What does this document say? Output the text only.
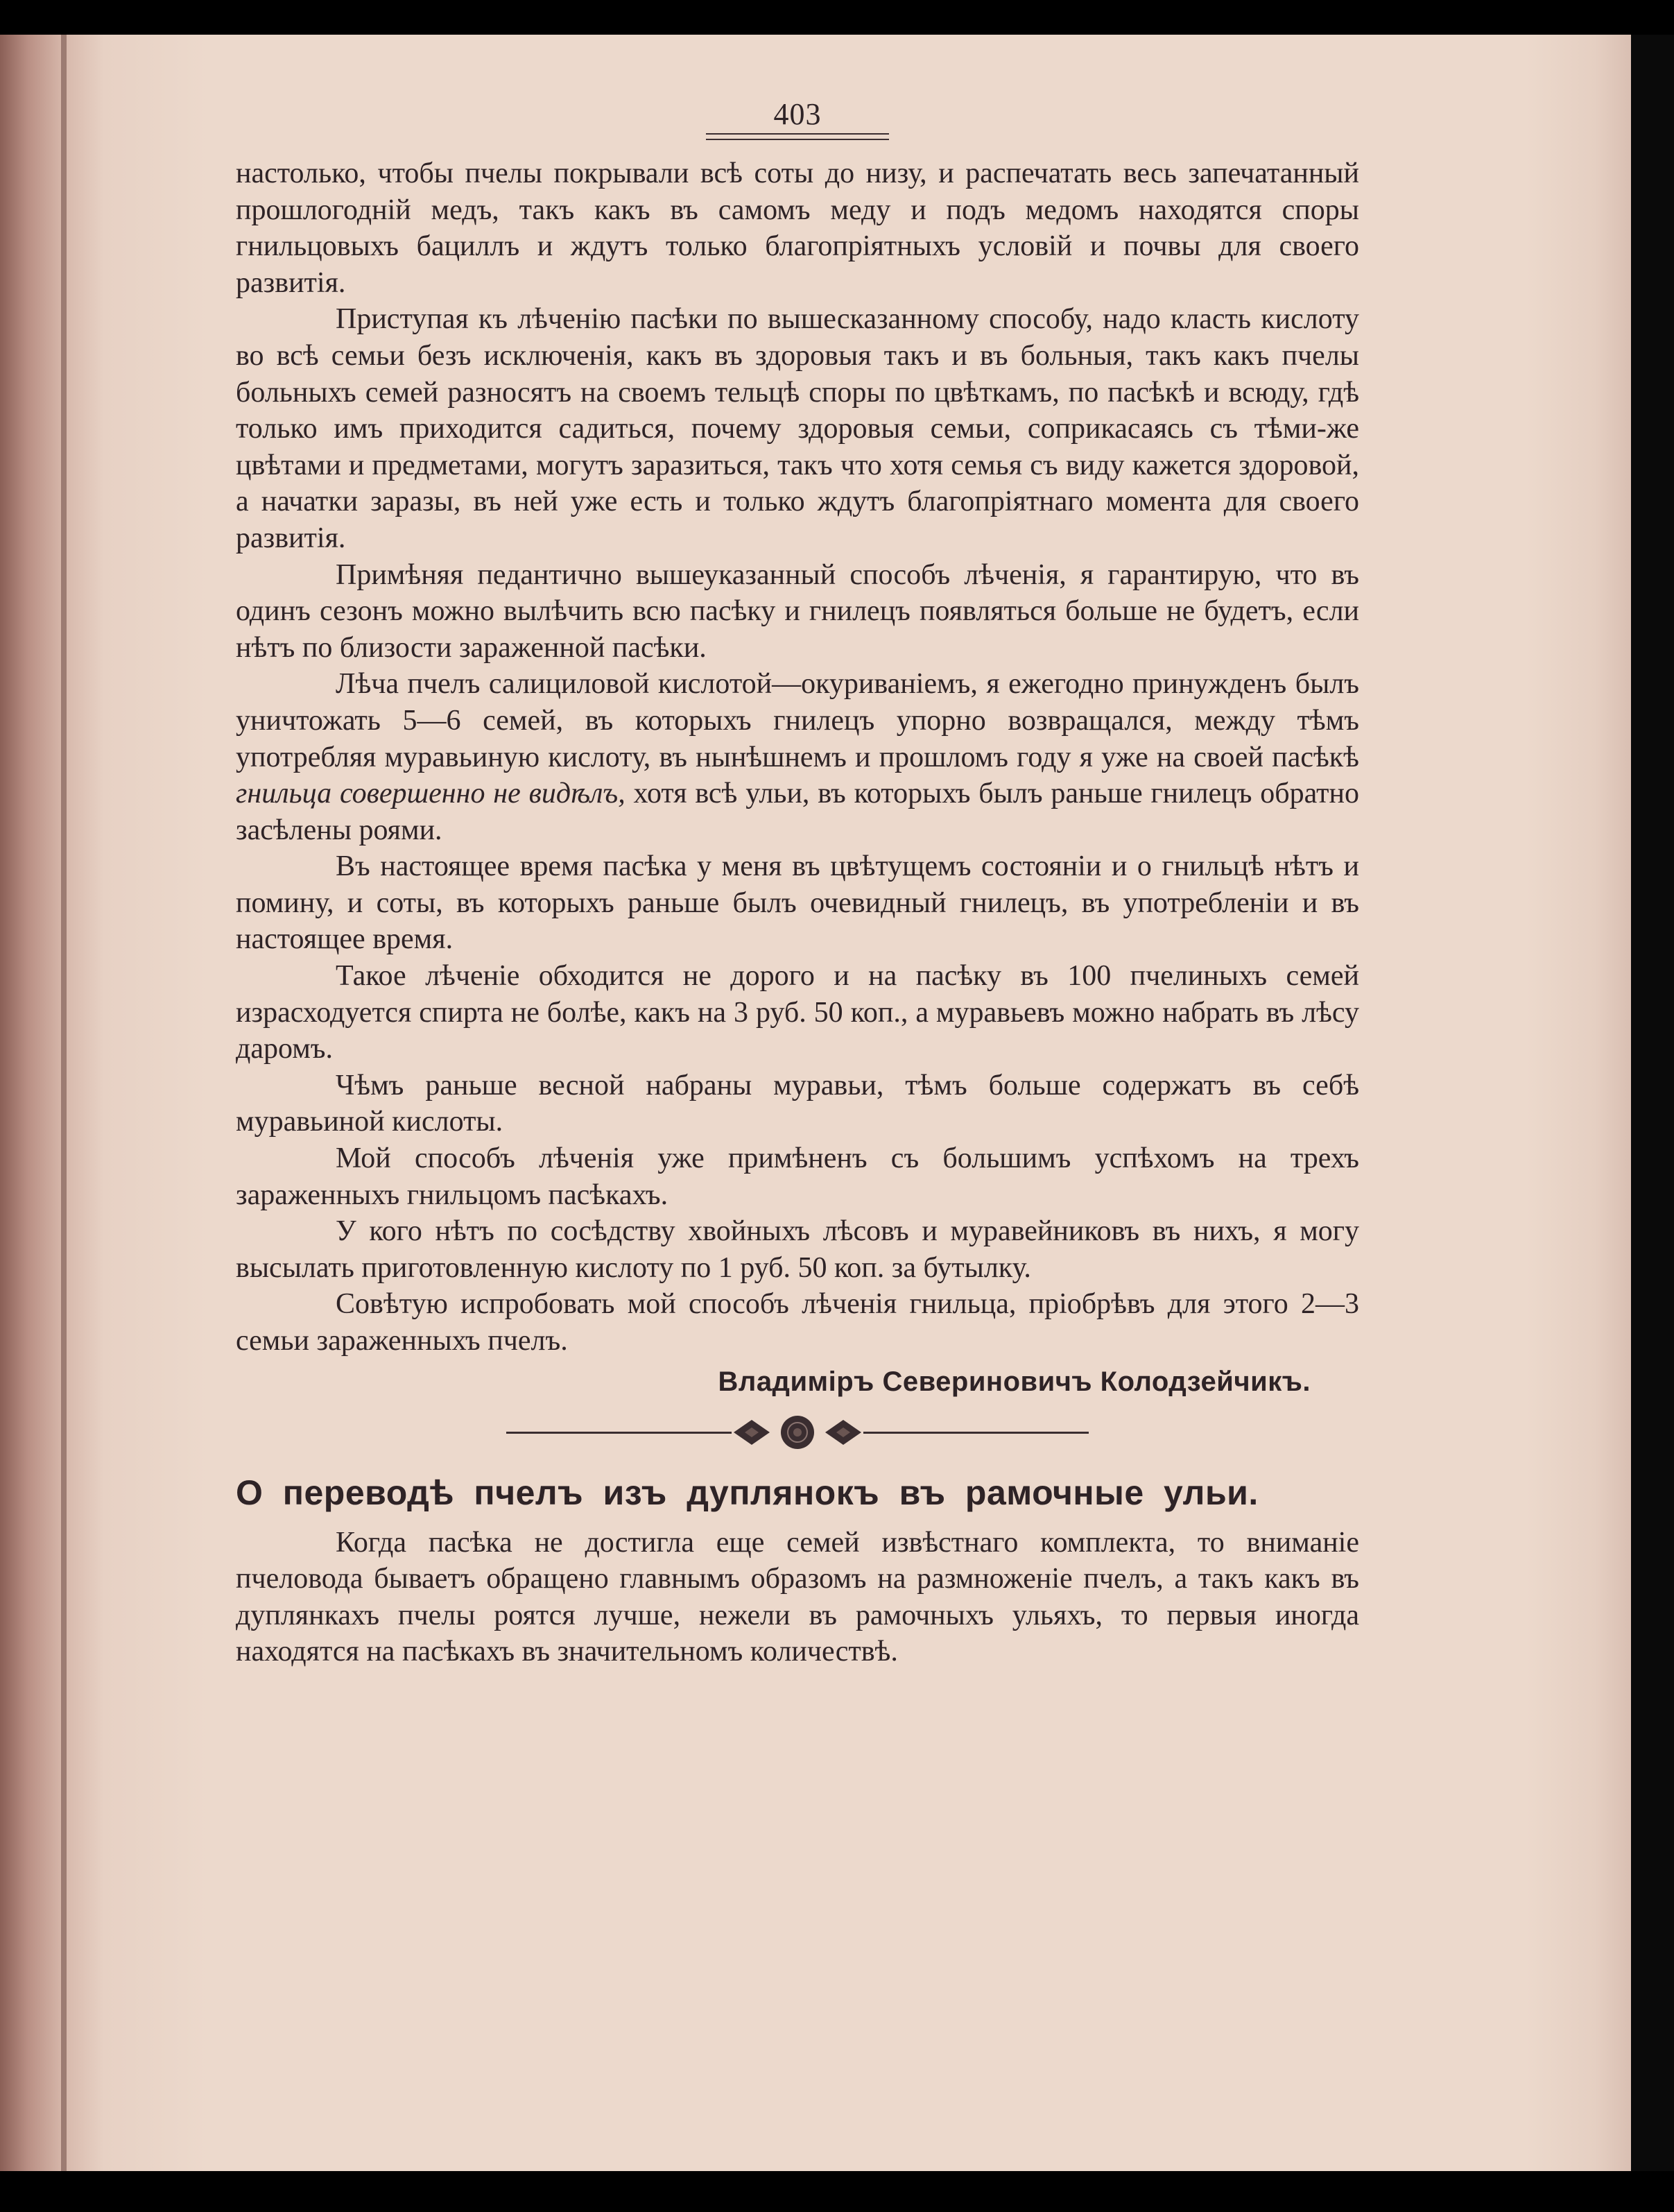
403

настолько, чтобы пчелы покрывали всѣ соты до низу, и распечатать весь запечатанный прошлогодній медъ, такъ какъ въ самомъ меду и подъ медомъ находятся споры гнильцовыхъ бациллъ и ждутъ только благопріятныхъ условій и почвы для своего развитія.

Приступая къ лѣченію пасѣки по вышесказанному способу, надо класть кислоту во всѣ семьи безъ исключенія, какъ въ здоровыя такъ и въ больныя, такъ какъ пчелы больныхъ семей разносятъ на своемъ тельцѣ споры по цвѣткамъ, по пасѣкѣ и всюду, гдѣ только имъ приходится садиться, почему здоровыя семьи, соприкасаясь съ тѣми-же цвѣтами и предметами, могутъ заразиться, такъ что хотя семья съ виду кажется здоровой, а начатки заразы, въ ней уже есть и только ждутъ благопріятнаго момента для своего развитія.

Примѣняя педантично вышеуказанный способъ лѣченія, я гарантирую, что въ одинъ сезонъ можно вылѣчить всю пасѣку и гнилецъ появляться больше не будетъ, если нѣтъ по близости зараженной пасѣки.

Лѣча пчелъ салициловой кислотой—окуриваніемъ, я ежегодно принужденъ былъ уничтожать 5—6 семей, въ которыхъ гнилецъ упорно возвращался, между тѣмъ употребляя муравьиную кислоту, въ нынѣшнемъ и прошломъ году я уже на своей пасѣкѣ гнильца совершенно не видѣлъ, хотя всѣ ульи, въ которыхъ былъ раньше гнилецъ обратно засѣлены роями.

Въ настоящее время пасѣка у меня въ цвѣтущемъ состояніи и о гнильцѣ нѣтъ и помину, и соты, въ которыхъ раньше былъ очевидный гнилецъ, въ употребленіи и въ настоящее время.

Такое лѣченіе обходится не дорого и на пасѣку въ 100 пчелиныхъ семей израсходуется спирта не болѣе, какъ на 3 руб. 50 коп., а муравьевъ можно набрать въ лѣсу даромъ.

Чѣмъ раньше весной набраны муравьи, тѣмъ больше содержатъ въ себѣ муравьиной кислоты.

Мой способъ лѣченія уже примѣненъ съ большимъ успѣхомъ на трехъ зараженныхъ гнильцомъ пасѣкахъ.

У кого нѣтъ по сосѣдству хвойныхъ лѣсовъ и муравейниковъ въ нихъ, я могу высылать приготовленную кислоту по 1 руб. 50 коп. за бутылку.

Совѣтую испробовать мой способъ лѣченія гнильца, пріобрѣвъ для этого 2—3 семьи зараженныхъ пчелъ.

Владиміръ Севериновичъ Колодзейчикъ.
О переводѣ пчелъ изъ дуплянокъ въ рамочные ульи.

Когда пасѣка не достигла еще семей извѣстнаго комплекта, то вниманіе пчеловода бываетъ обращено главнымъ образомъ на размноженіе пчелъ, а такъ какъ въ дуплянкахъ пчелы роятся лучше, нежели въ рамочныхъ ульяхъ, то первыя иногда находятся на пасѣкахъ въ значительномъ количествѣ.
